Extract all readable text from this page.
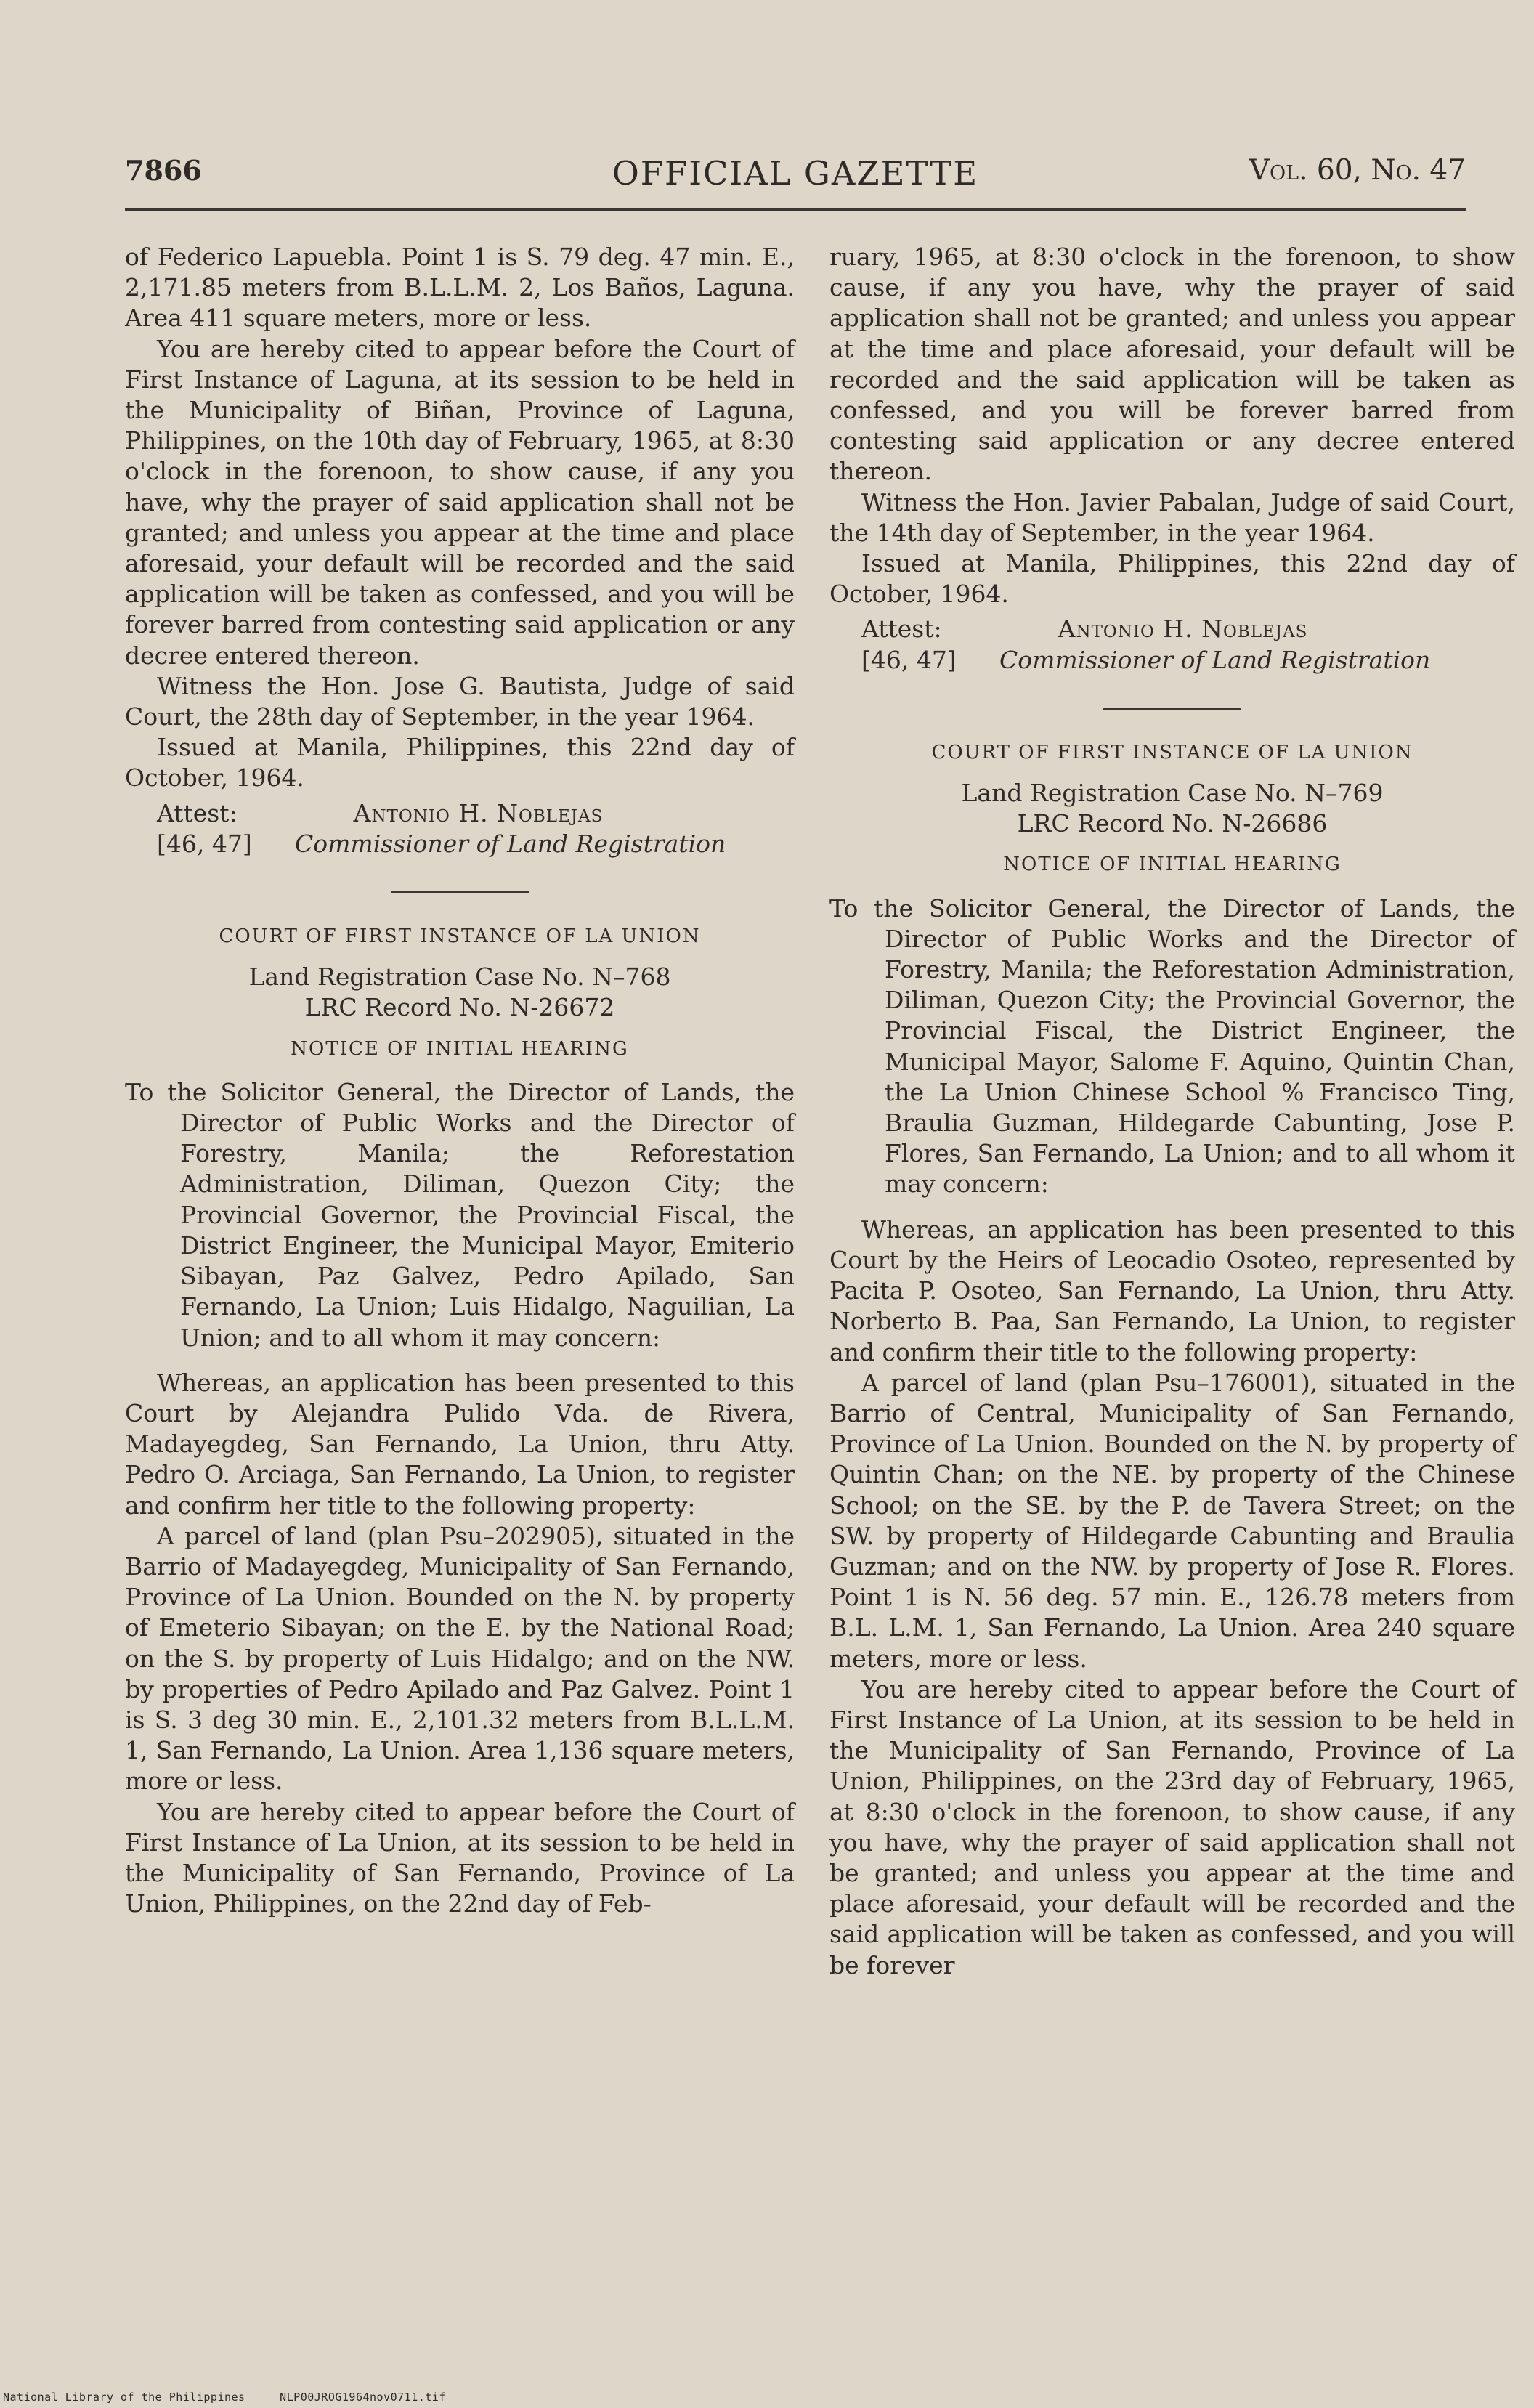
7866	OFFICIAL GAZETTE	Vol. 60, No. 47

of Federico Lapuebla. Point 1 is S. 79 deg. 47 min. E., 2,171.85 meters from B.L.L.M. 2, Los Baños, Laguna. Area 411 square meters, more or less.

You are hereby cited to appear before the Court of First Instance of Laguna, at its session to be held in the Municipality of Biñan, Province of Laguna, Philippines, on the 10th day of February, 1965, at 8:30 o'clock in the forenoon, to show cause, if any you have, why the prayer of said application shall not be granted; and unless you appear at the time and place aforesaid, your default will be recorded and the said application will be taken as confessed, and you will be forever barred from contesting said application or any decree entered thereon.

Witness the Hon. Jose G. Bautista, Judge of said Court, the 28th day of September, in the year 1964.

Issued at Manila, Philippines, this 22nd day of October, 1964.

Attest:	Antonio H. Noblejas
[46, 47]	Commissioner of Land Registration
COURT OF FIRST INSTANCE OF LA UNION
Land Registration Case No. N–768
LRC Record No. N-26672
NOTICE OF INITIAL HEARING

To the Solicitor General, the Director of Lands, the Director of Public Works and the Director of Forestry, Manila; the Reforestation Administration, Diliman, Quezon City; the Provincial Governor, the Provincial Fiscal, the District Engineer, the Municipal Mayor, Emiterio Sibayan, Paz Galvez, Pedro Apilado, San Fernando, La Union; Luis Hidalgo, Naguilian, La Union; and to all whom it may concern:

Whereas, an application has been presented to this Court by Alejandra Pulido Vda. de Rivera, Madayegdeg, San Fernando, La Union, thru Atty. Pedro O. Arciaga, San Fernando, La Union, to register and confirm her title to the following property:

A parcel of land (plan Psu–202905), situated in the Barrio of Madayegdeg, Municipality of San Fernando, Province of La Union. Bounded on the N. by property of Emeterio Sibayan; on the E. by the National Road; on the S. by property of Luis Hidalgo; and on the NW. by properties of Pedro Apilado and Paz Galvez. Point 1 is S. 3 deg 30 min. E., 2,101.32 meters from B.L.L.M. 1, San Fernando, La Union. Area 1,136 square meters, more or less.

You are hereby cited to appear before the Court of First Instance of La Union, at its session to be held in the Municipality of San Fernando, Province of La Union, Philippines, on the 22nd day of Feb-

ruary, 1965, at 8:30 o'clock in the forenoon, to show cause, if any you have, why the prayer of said application shall not be granted; and unless you appear at the time and place aforesaid, your default will be recorded and the said application will be taken as confessed, and you will be forever barred from contesting said application or any decree entered thereon.

Witness the Hon. Javier Pabalan, Judge of said Court, the 14th day of September, in the year 1964.

Issued at Manila, Philippines, this 22nd day of October, 1964.

Attest:	Antonio H. Noblejas
[46, 47]	Commissioner of Land Registration
COURT OF FIRST INSTANCE OF LA UNION
Land Registration Case No. N–769
LRC Record No. N-26686
NOTICE OF INITIAL HEARING

To the Solicitor General, the Director of Lands, the Director of Public Works and the Director of Forestry, Manila; the Reforestation Administration, Diliman, Quezon City; the Provincial Governor, the Provincial Fiscal, the District Engineer, the Municipal Mayor, Salome F. Aquino, Quintin Chan, the La Union Chinese School % Francisco Ting, Braulia Guzman, Hildegarde Cabunting, Jose P. Flores, San Fernando, La Union; and to all whom it may concern:

Whereas, an application has been presented to this Court by the Heirs of Leocadio Osoteo, represented by Pacita P. Osoteo, San Fernando, La Union, thru Atty. Norberto B. Paa, San Fernando, La Union, to register and confirm their title to the following property:

A parcel of land (plan Psu–176001), situated in the Barrio of Central, Municipality of San Fernando, Province of La Union. Bounded on the N. by property of Quintin Chan; on the NE. by property of the Chinese School; on the SE. by the P. de Tavera Street; on the SW. by property of Hildegarde Cabunting and Braulia Guzman; and on the NW. by property of Jose R. Flores. Point 1 is N. 56 deg. 57 min. E., 126.78 meters from B.L. L.M. 1, San Fernando, La Union. Area 240 square meters, more or less.

You are hereby cited to appear before the Court of First Instance of La Union, at its session to be held in the Municipality of San Fernando, Province of La Union, Philippines, on the 23rd day of February, 1965, at 8:30 o'clock in the forenoon, to show cause, if any you have, why the prayer of said application shall not be granted; and unless you appear at the time and place aforesaid, your default will be recorded and the said application will be taken as confessed, and you will be forever

National Library of the Philippines	NLP00JROG1964nov0711.tif
